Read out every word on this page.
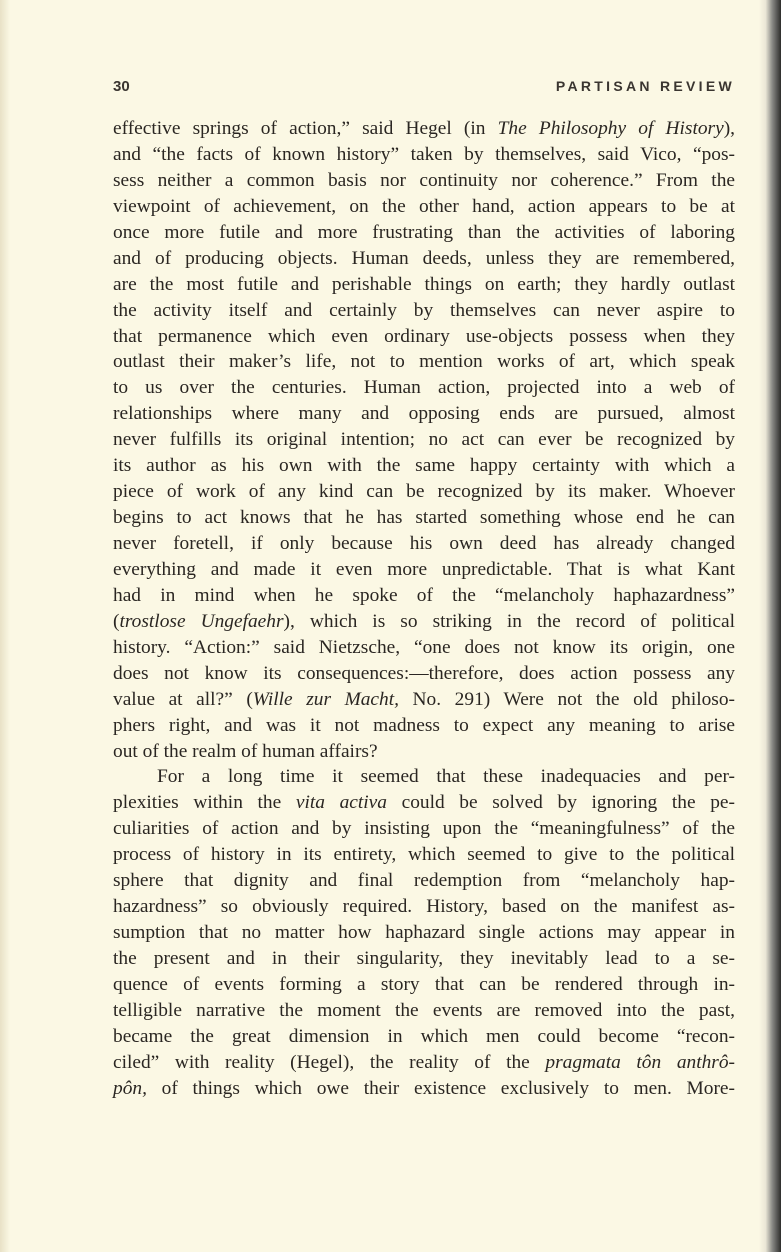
30	PARTISAN REVIEW
effective springs of action,” said Hegel (in The Philosophy of History),
and “the facts of known history” taken by themselves, said Vico, “pos-
sess neither a common basis nor continuity nor coherence.” From the
viewpoint of achievement, on the other hand, action appears to be at
once more futile and more frustrating than the activities of laboring
and of producing objects. Human deeds, unless they are remembered,
are the most futile and perishable things on earth; they hardly outlast
the activity itself and certainly by themselves can never aspire to
that permanence which even ordinary use-objects possess when they
outlast their maker’s life, not to mention works of art, which speak
to us over the centuries. Human action, projected into a web of
relationships where many and opposing ends are pursued, almost
never fulfills its original intention; no act can ever be recognized by
its author as his own with the same happy certainty with which a
piece of work of any kind can be recognized by its maker. Whoever
begins to act knows that he has started something whose end he can
never foretell, if only because his own deed has already changed
everything and made it even more unpredictable. That is what Kant
had in mind when he spoke of the “melancholy haphazardness”
(trostlose Ungefaehr), which is so striking in the record of political
history. “Action:” said Nietzsche, “one does not know its origin, one
does not know its consequences:—therefore, does action possess any
value at all?” (Wille zur Macht, No. 291) Were not the old philoso-
phers right, and was it not madness to expect any meaning to arise
out of the realm of human affairs?
For a long time it seemed that these inadequacies and per-
plexities within the vita activa could be solved by ignoring the pe-
culiarities of action and by insisting upon the “meaningfulness” of the
process of history in its entirety, which seemed to give to the political
sphere that dignity and final redemption from “melancholy hap-
hazardness” so obviously required. History, based on the manifest as-
sumption that no matter how haphazard single actions may appear in
the present and in their singularity, they inevitably lead to a se-
quence of events forming a story that can be rendered through in-
telligible narrative the moment the events are removed into the past,
became the great dimension in which men could become “recon-
ciled” with reality (Hegel), the reality of the pragmata tôn anthrô-
pôn, of things which owe their existence exclusively to men. More-
